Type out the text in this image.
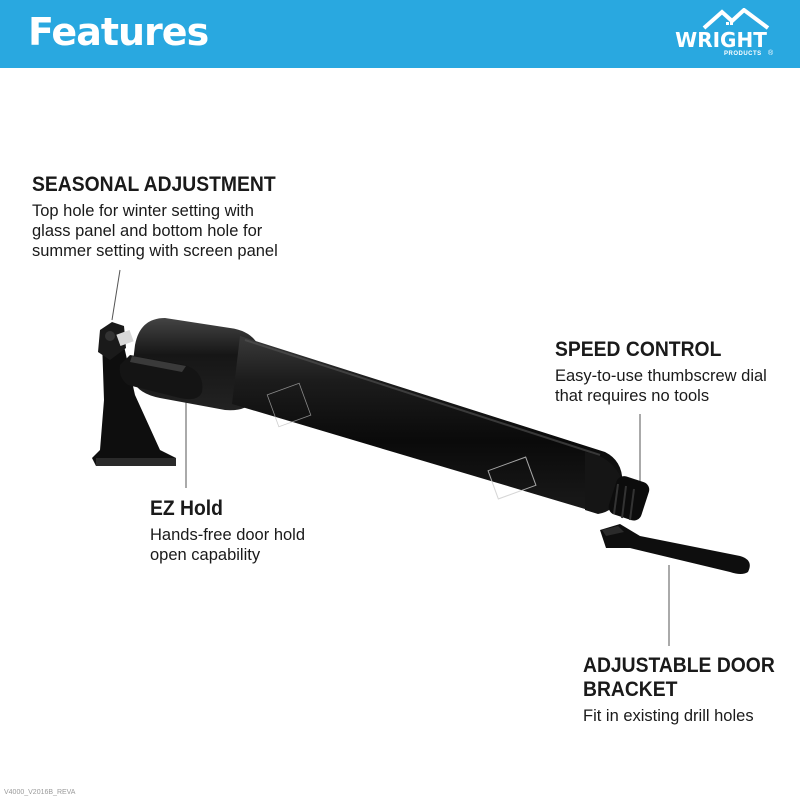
Features	WRIGHT
PRODUCTS ®
SEASONAL ADJUSTMENT
Top hole for winter setting with
glass panel and bottom hole for
summer setting with screen panel
SPEED CONTROL
Easy-to-use thumbscrew dial
that requires no tools
EZ Hold
Hands-free door hold
open capability
ADJUSTABLE DOOR
BRACKET
Fit in existing drill holes
V4000_V2016B_REVA
